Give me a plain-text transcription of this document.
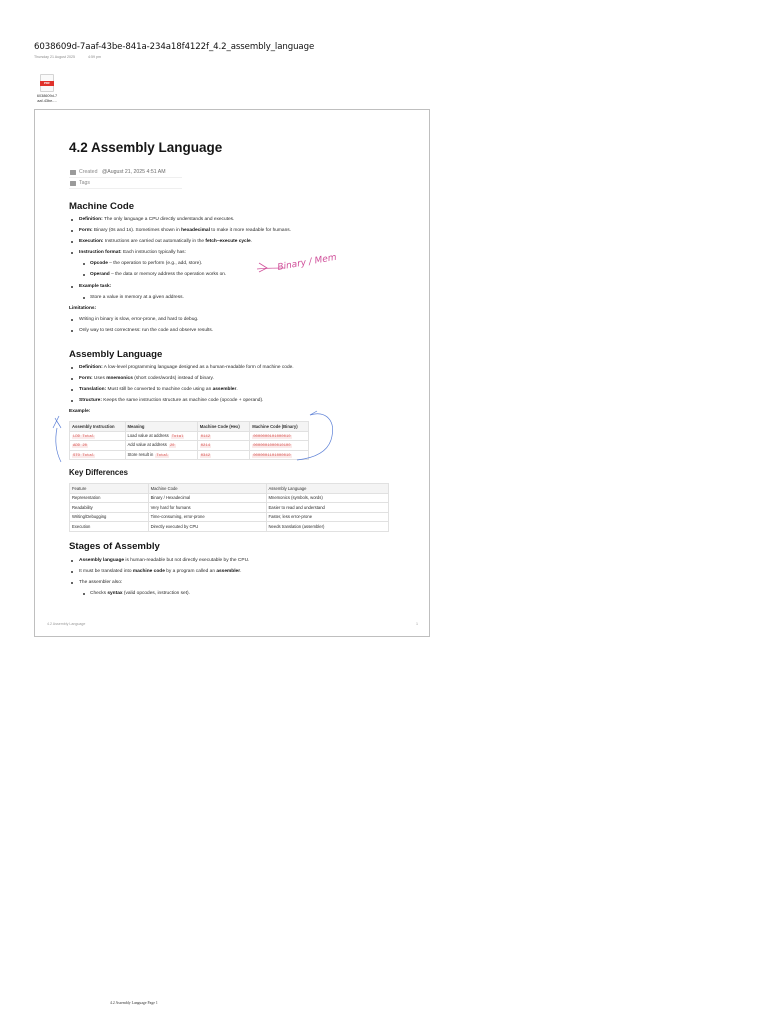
6038609d-7aaf-43be-841a-234a18f4122f_4.2_assembly_language
Thursday 21 August 2025	4:59 pm
PDF
6038609d-7
aaf-43be-...
4.2 Assembly Language
Created @August 21, 2025 4:51 AM
Tags
Machine Code
Definition: The only language a CPU directly understands and executes.
Form: Binary (0s and 1s). Sometimes shown in hexadecimal to make it more readable for humans.
Execution: Instructions are carried out automatically in the fetch–execute cycle.
Instruction format: Each instruction typically has:
Opcode – the operation to perform (e.g., add, store).
Operand – the data or memory address the operation works on.
Example task:
Store a value in memory at a given address.
Limitations:
Writing in binary is slow, error-prone, and hard to debug.
Only way to test correctness: run the code and observe results.
Assembly Language
Definition: A low-level programming language designed as a human-readable form of machine code.
Form: Uses mnemonics (short codes/words) instead of binary.
Translation: Must still be converted to machine code using an assembler.
Structure: Keeps the same instruction structure as machine code (opcode + operand).
Example:
Assembly Instruction	Meaning	Machine Code (Hex)	Machine Code (Binary)
LDD Total	Load value at address Total	0142	0000000101000010
ADD 20	Add value at address 20	0214	0000001000010100
STO Total	Store result in Total	0342	0000001101000010
Key Differences
Feature	Machine Code	Assembly Language
Representation	Binary / Hexadecimal	Mnemonics (symbols, words)
Readability	Very hard for humans	Easier to read and understand
Writing/Debugging	Time-consuming, error-prone	Faster, less error-prone
Execution	Directly executed by CPU	Needs translation (assembler)
Stages of Assembly
Assembly language is human-readable but not directly executable by the CPU.
It must be translated into machine code by a program called an assembler.
The assembler also:
Checks syntax (valid opcodes, instruction set).
4.2 Assembly Language	1
Binary / Mem
4.2 Assembly Language Page 1
